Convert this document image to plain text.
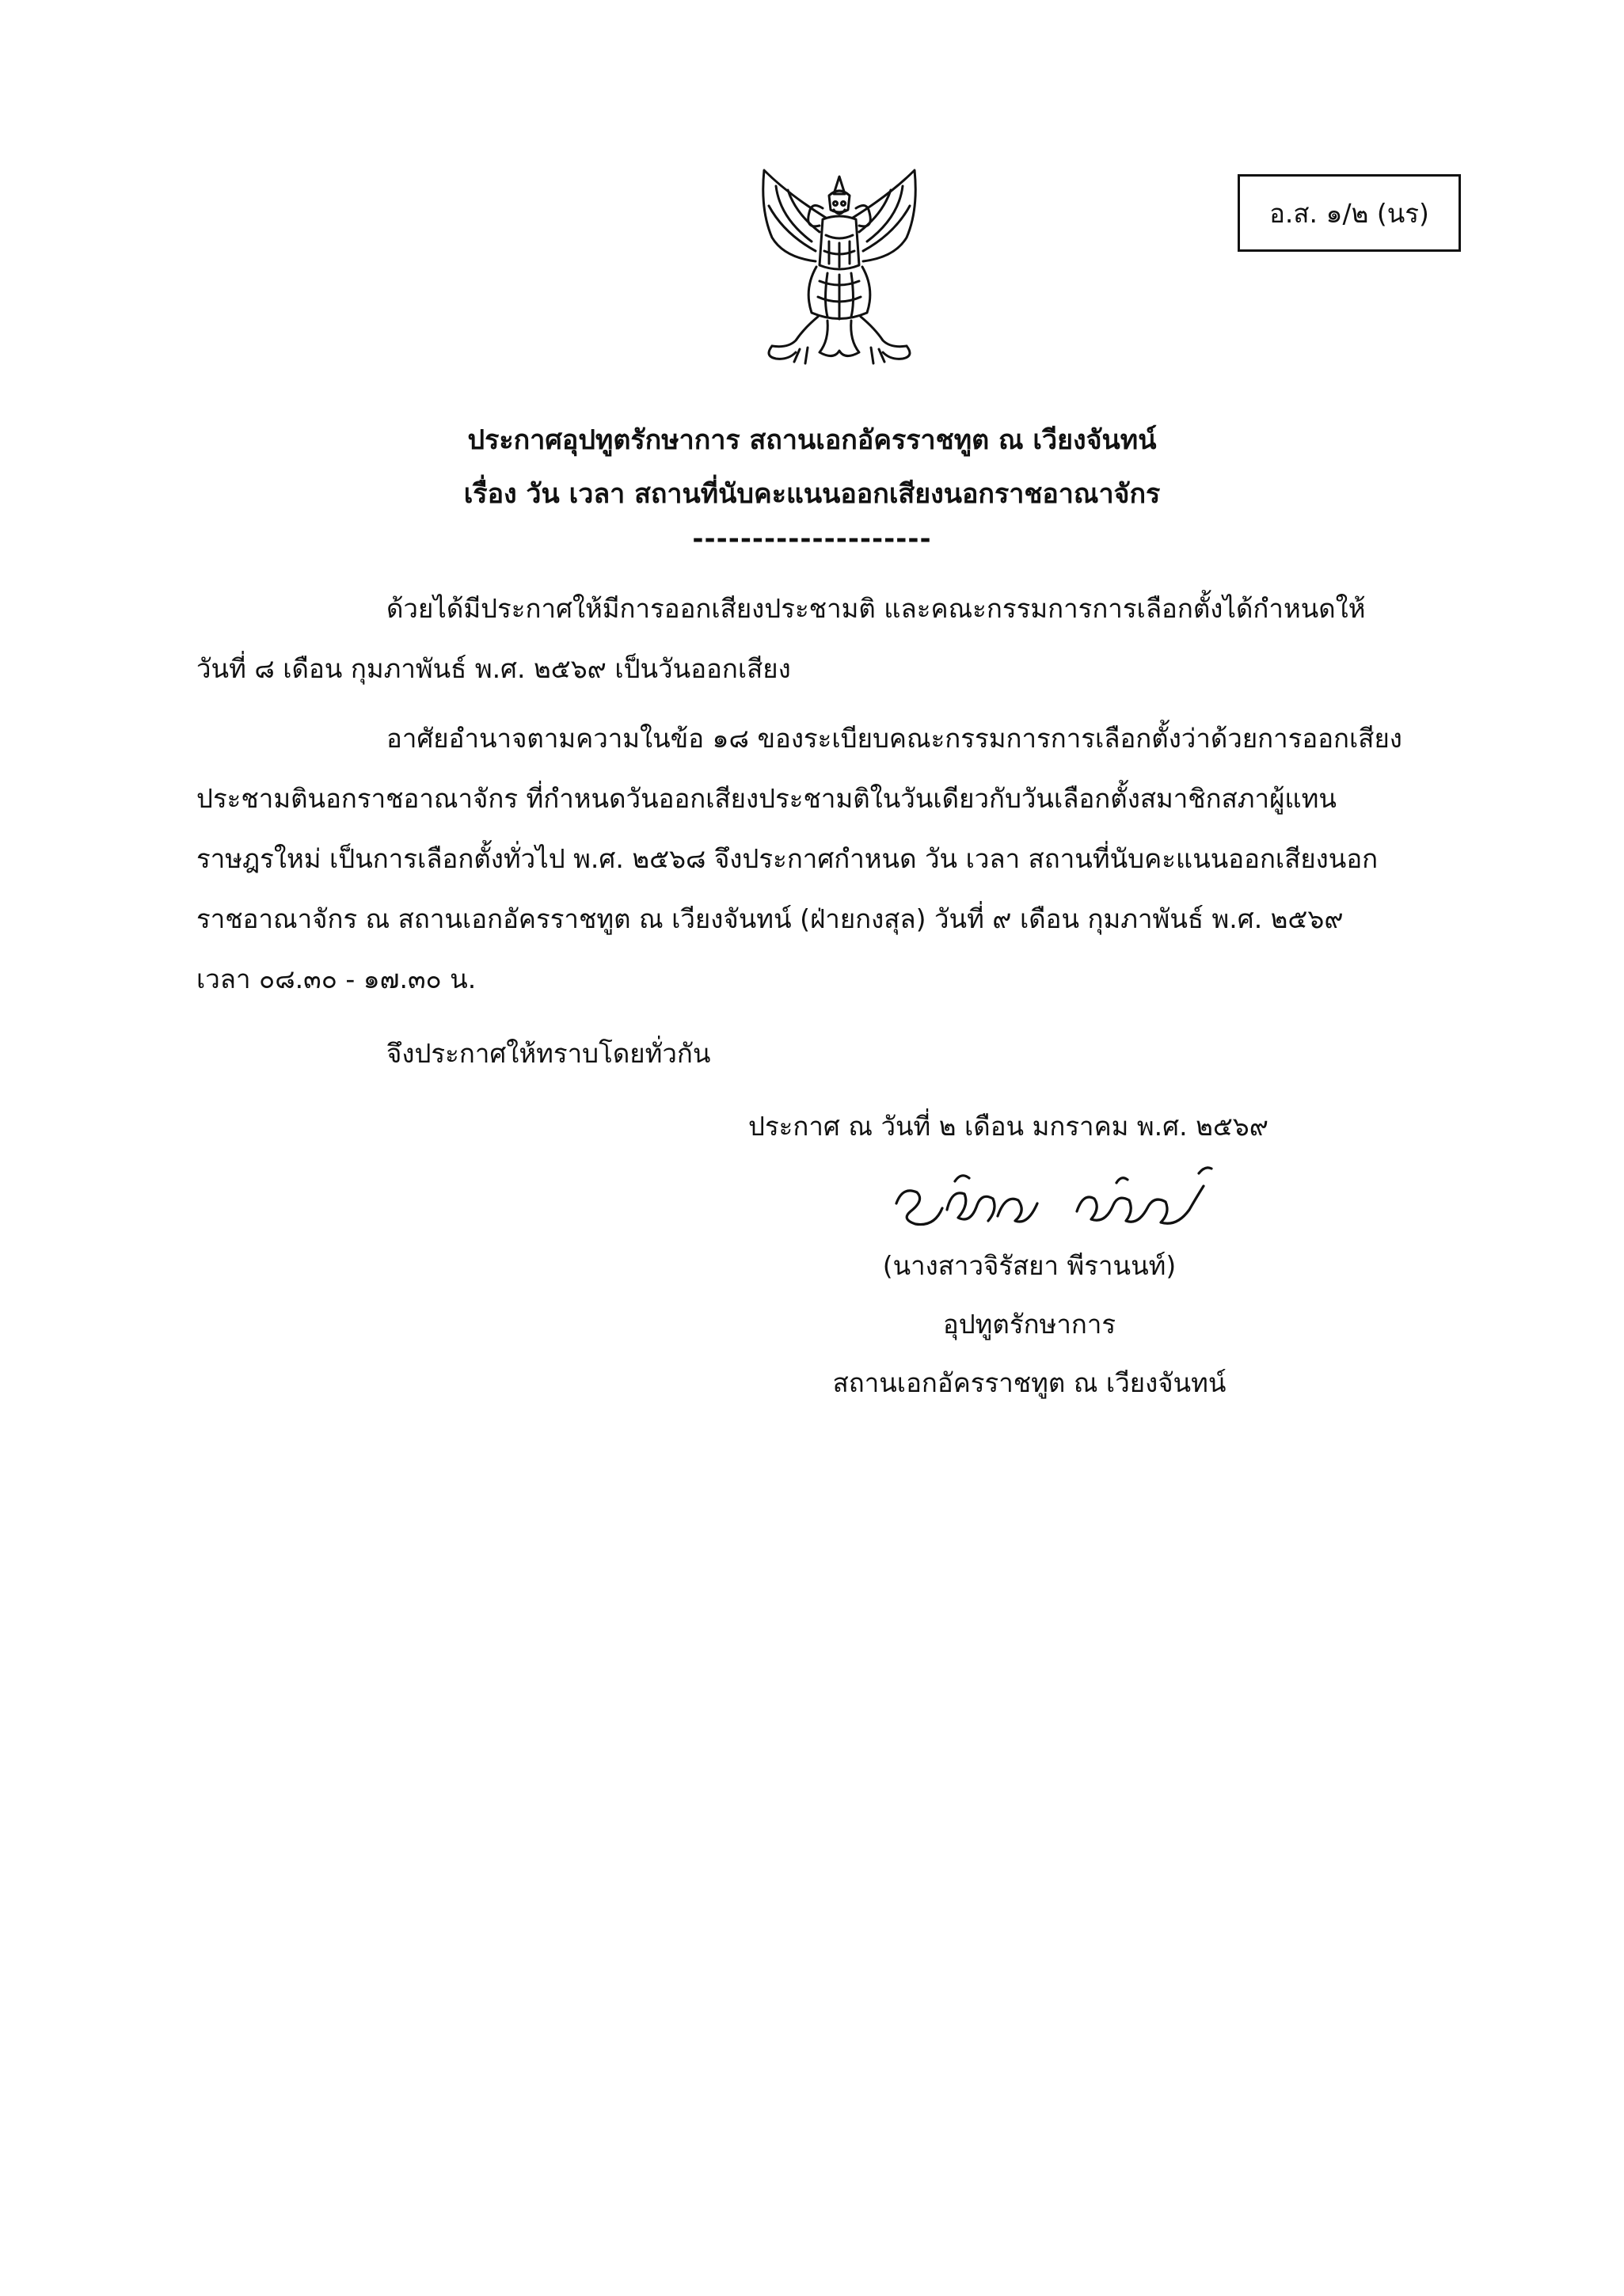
อ.ส. ๑/๒ (นร)
ประกาศอุปทูตรักษาการ สถานเอกอัครราชทูต ณ เวียงจันทน์
เรื่อง วัน เวลา สถานที่นับคะแนนออกเสียงนอกราชอาณาจักร
--------------------
ด้วยได้มีประกาศให้มีการออกเสียงประชามติ และคณะกรรมการการเลือกตั้งได้กำหนดให้
วันที่ ๘ เดือน กุมภาพันธ์ พ.ศ. ๒๕๖๙ เป็นวันออกเสียง
อาศัยอำนาจตามความในข้อ ๑๘ ของระเบียบคณะกรรมการการเลือกตั้งว่าด้วยการออกเสียง
ประชามตินอกราชอาณาจักร ที่กำหนดวันออกเสียงประชามติในวันเดียวกับวันเลือกตั้งสมาชิกสภาผู้แทน
ราษฎรใหม่ เป็นการเลือกตั้งทั่วไป พ.ศ. ๒๕๖๘ จึงประกาศกำหนด วัน เวลา สถานที่นับคะแนนออกเสียงนอก
ราชอาณาจักร ณ สถานเอกอัครราชทูต ณ เวียงจันทน์ (ฝ่ายกงสุล) วันที่ ๙ เดือน กุมภาพันธ์ พ.ศ. ๒๕๖๙
เวลา ๐๘.๓๐ - ๑๗.๓๐ น.
จึงประกาศให้ทราบโดยทั่วกัน
ประกาศ ณ วันที่ ๒ เดือน มกราคม พ.ศ. ๒๕๖๙
(นางสาวจิรัสยา พีรานนท์)
อุปทูตรักษาการ
สถานเอกอัครราชทูต ณ เวียงจันทน์
